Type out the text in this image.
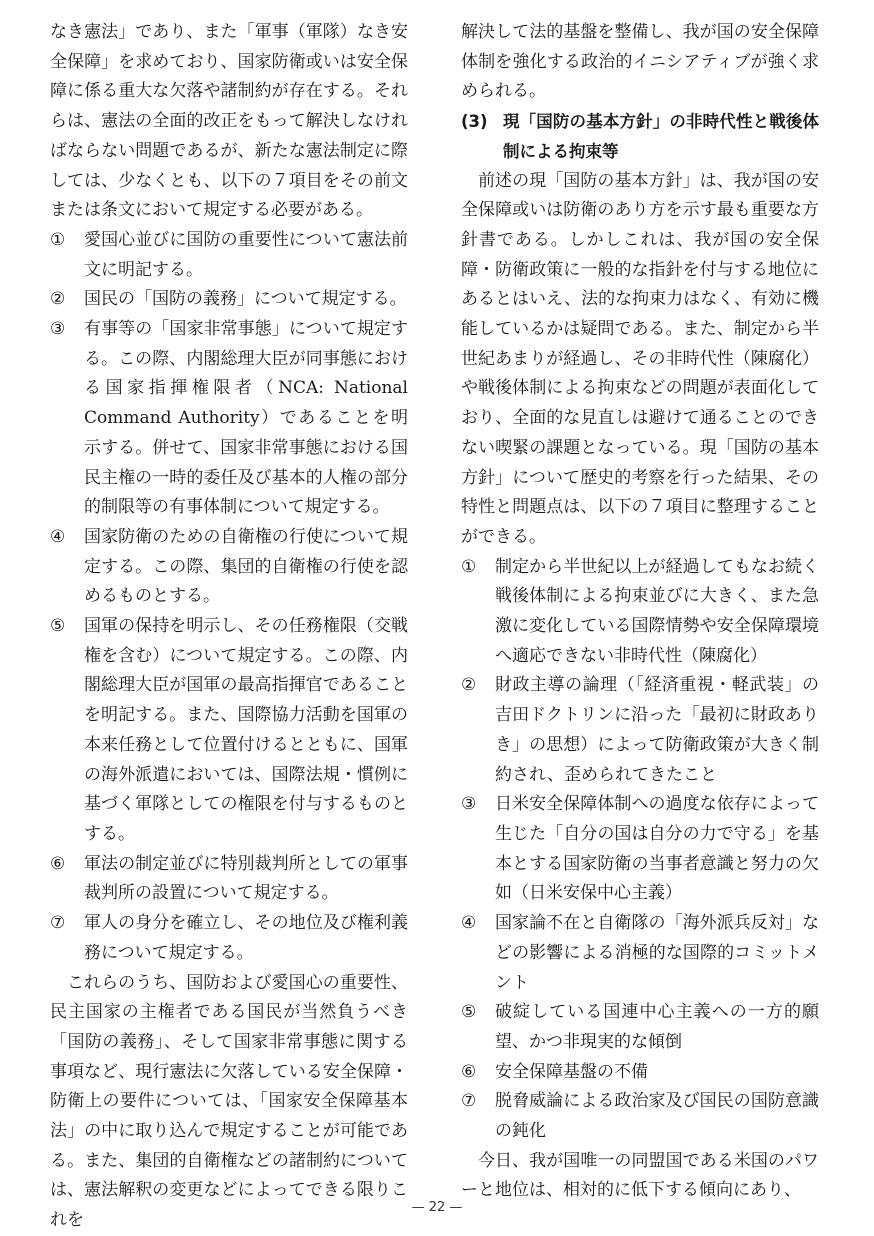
なき憲法」であり、また「軍事（軍隊）なき安全保障」を求めており、国家防衛或いは安全保障に係る重大な欠落や諸制約が存在する。それらは、憲法の全面的改正をもって解決しなければならない問題であるが、新たな憲法制定に際しては、少なくとも、以下の７項目をその前文または条文において規定する必要がある。

①	愛国心並びに国防の重要性について憲法前文に明記する。

②	国民の「国防の義務」について規定する。

③	有事等の「国家非常事態」について規定する。この際、内閣総理大臣が同事態における国家指揮権限者（NCA: National Command Authority）であることを明示する。併せて、国家非常事態における国民主権の一時的委任及び基本的人権の部分的制限等の有事体制について規定する。

④	国家防衛のための自衛権の行使について規定する。この際、集団的自衛権の行使を認めるものとする。

⑤	国軍の保持を明示し、その任務権限（交戦権を含む）について規定する。この際、内閣総理大臣が国軍の最高指揮官であることを明記する。また、国際協力活動を国軍の本来任務として位置付けるとともに、国軍の海外派遣においては、国際法規・慣例に基づく軍隊としての権限を付与するものとする。

⑥	軍法の制定並びに特別裁判所としての軍事裁判所の設置について規定する。

⑦	軍人の身分を確立し、その地位及び権利義務について規定する。

これらのうち、国防および愛国心の重要性、民主国家の主権者である国民が当然負うべき「国防の義務」、そして国家非常事態に関する事項など、現行憲法に欠落している安全保障・防衛上の要件については、「国家安全保障基本法」の中に取り込んで規定することが可能である。また、集団的自衛権などの諸制約については、憲法解釈の変更などによってできる限りこれを

解決して法的基盤を整備し、我が国の安全保障体制を強化する政治的イニシアティブが強く求められる。

(3) 現「国防の基本方針」の非時代性と戦後体制による拘束等

前述の現「国防の基本方針」は、我が国の安全保障或いは防衛のあり方を示す最も重要な方針書である。しかしこれは、我が国の安全保障・防衛政策に一般的な指針を付与する地位にあるとはいえ、法的な拘束力はなく、有効に機能しているかは疑問である。また、制定から半世紀あまりが経過し、その非時代性（陳腐化）や戦後体制による拘束などの問題が表面化しており、全面的な見直しは避けて通ることのできない喫緊の課題となっている。現「国防の基本方針」について歴史的考察を行った結果、その特性と問題点は、以下の７項目に整理することができる。

①	制定から半世紀以上が経過してもなお続く戦後体制による拘束並びに大きく、また急激に変化している国際情勢や安全保障環境へ適応できない非時代性（陳腐化）

②	財政主導の論理（「経済重視・軽武装」の吉田ドクトリンに沿った「最初に財政ありき」の思想）によって防衛政策が大きく制約され、歪められてきたこと

③	日米安全保障体制への過度な依存によって生じた「自分の国は自分の力で守る」を基本とする国家防衛の当事者意識と努力の欠如（日米安保中心主義）

④	国家論不在と自衛隊の「海外派兵反対」などの影響による消極的な国際的コミットメント

⑤	破綻している国連中心主義への一方的願望、かつ非現実的な傾倒

⑥	安全保障基盤の不備

⑦	脱脅威論による政治家及び国民の国防意識の鈍化

今日、我が国唯一の同盟国である米国のパワーと地位は、相対的に低下する傾向にあり、

— 22 —
